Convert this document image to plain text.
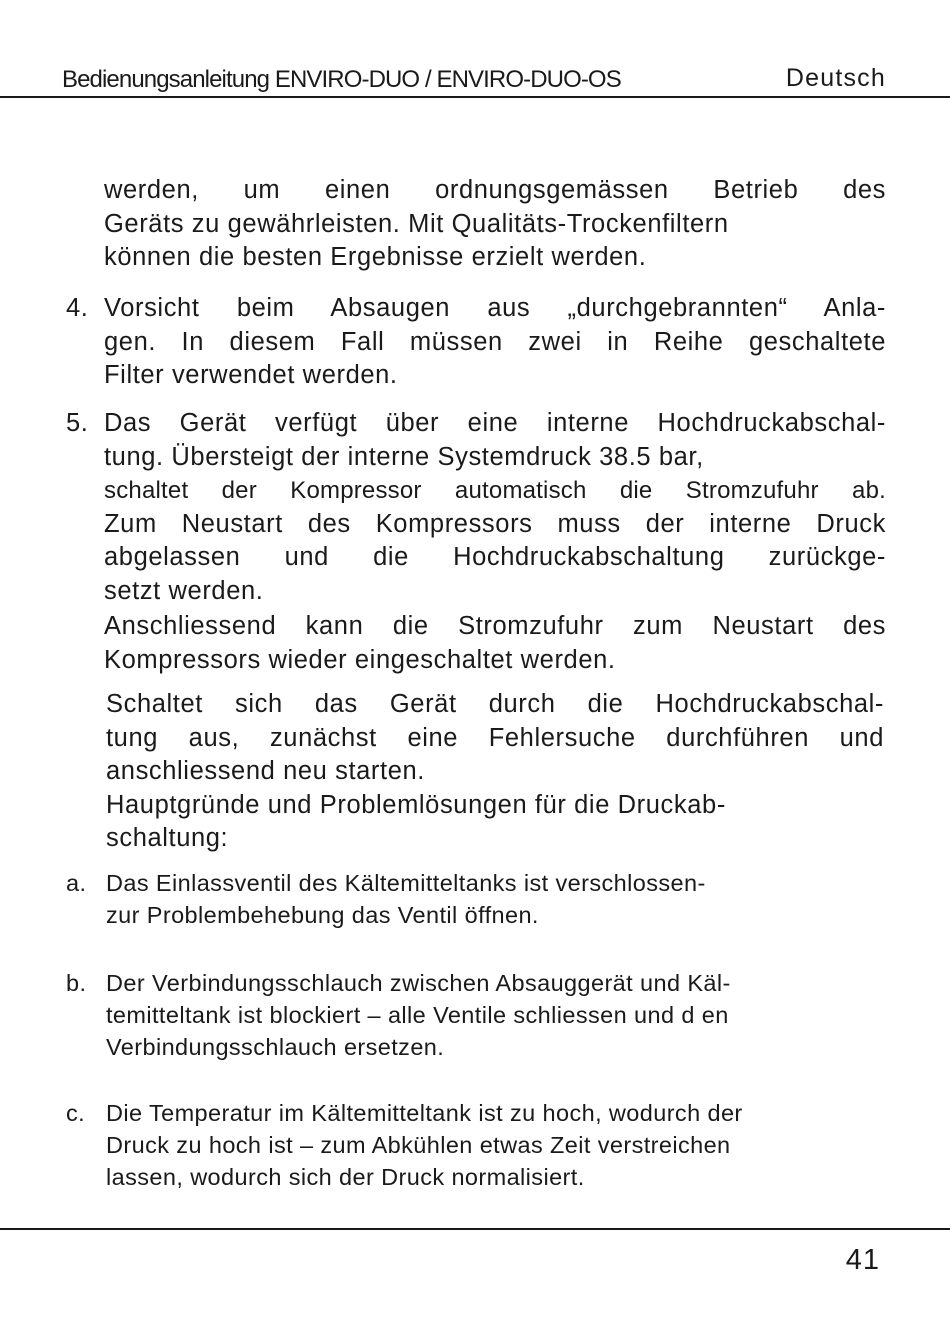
Bedienungsanleitung ENVIRO-DUO / ENVIRO-DUO-OS	Deutsch
werden, um einen ordnungsgemässen Betrieb des
Geräts zu gewährleisten. Mit Qualitäts-Trockenfiltern
können die besten Ergebnisse erzielt werden.
4. Vorsicht beim Absaugen aus „durchgebrannten“ Anla-
gen. In diesem Fall müssen zwei in Reihe geschaltete
Filter verwendet werden.
5. Das Gerät verfügt über eine interne Hochdruckabschal-
tung. Übersteigt der interne Systemdruck 38.5 bar,
schaltet der Kompressor automatisch die Stromzufuhr ab.
Zum Neustart des Kompressors muss der interne Druck
abgelassen und die Hochdruckabschaltung zurückge-
setzt werden.
Anschliessend kann die Stromzufuhr zum Neustart des
Kompressors wieder eingeschaltet werden.
Schaltet sich das Gerät durch die Hochdruckabschal-
tung aus, zunächst eine Fehlersuche durchführen und
anschliessend neu starten.
Hauptgründe und Problemlösungen für die Druckab-
schaltung:
a. Das Einlassventil des Kältemitteltanks ist verschlossen-
zur Problembehebung das Ventil öffnen.
b. Der Verbindungsschlauch zwischen Absauggerät und Käl-
temitteltank ist blockiert – alle Ventile schliessen und d en
Verbindungsschlauch ersetzen.
c. Die Temperatur im Kältemitteltank ist zu hoch, wodurch der
Druck zu hoch ist – zum Abkühlen etwas Zeit verstreichen
lassen, wodurch sich der Druck normalisiert.
41
